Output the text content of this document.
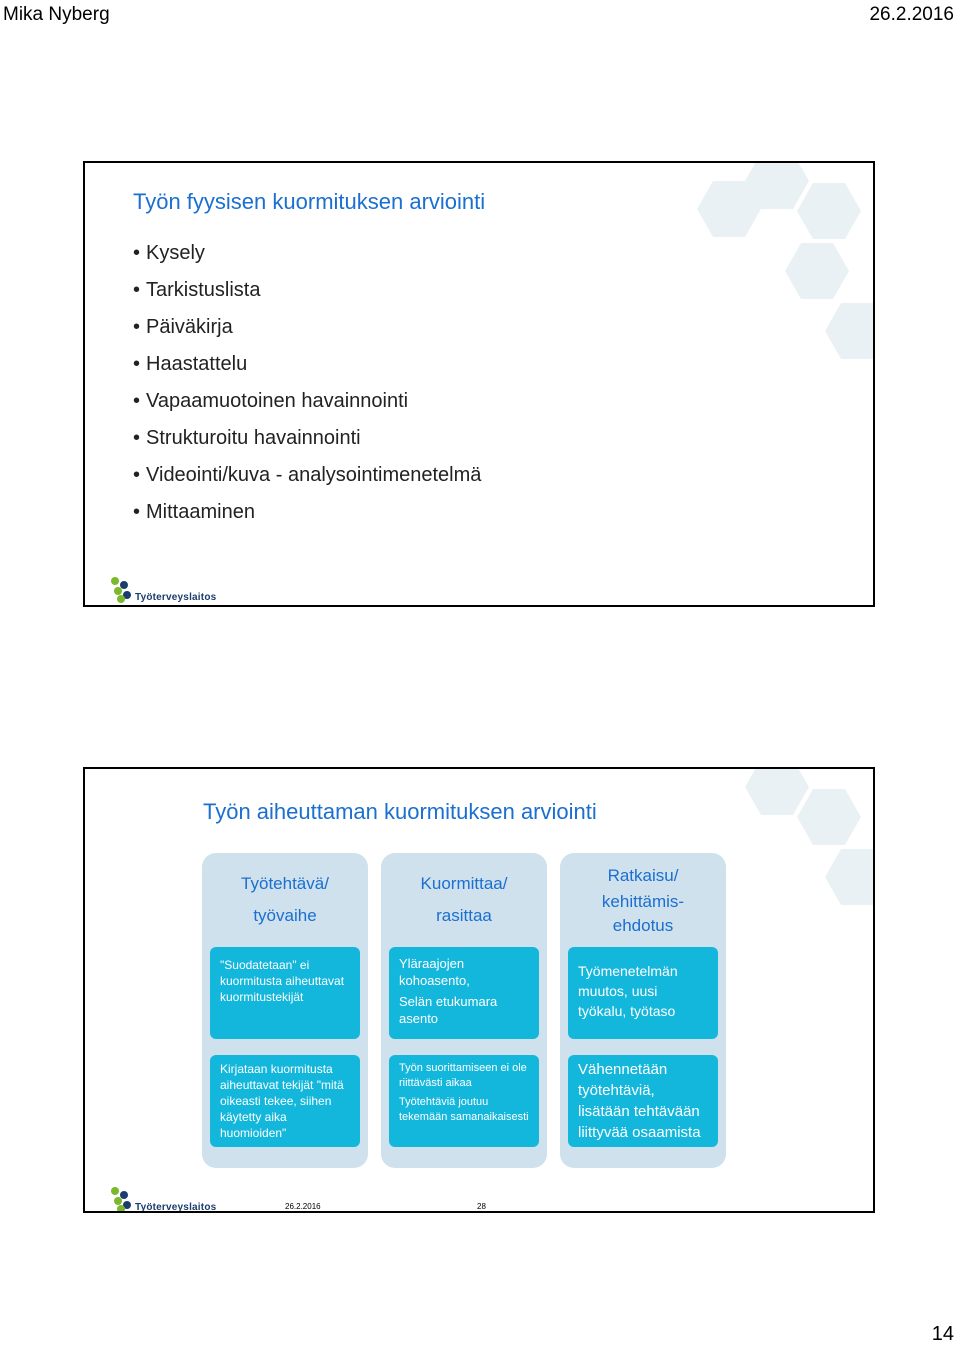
Mika Nyberg	26.2.2016
Työn fyysisen kuormituksen arviointi
• Kysely
• Tarkistuslista
• Päiväkirja
• Haastattelu
• Vapaamuotoinen havainnointi
• Strukturoitu havainnointi
• Videointi/kuva - analysointimenetelmä
• Mittaaminen
Työterveyslaitos
Työn aiheuttaman kuormituksen arviointi
Työtehtävä/
työvaihe

"Suodatetaan" ei kuormitusta aiheuttavat kuormitustekijät

Kirjataan kuormitusta aiheuttavat tekijät "mitä oikeasti tekee, siihen käytetty aika huomioiden"

Kuormittaa/
rasittaa

Yläraajojen kohoasento,

Selän etukumara asento

Työn suorittamiseen ei ole riittävästi aikaa

Työtehtäviä joutuu tekemään samanaikaisesti

Ratkaisu/ kehittämis-
ehdotus

Työmenetelmän muutos, uusi työkalu, työtaso

Vähennetään työtehtäviä, lisätään tehtävään liittyvää osaamista

Työterveyslaitos	26.2.2016	28
14
